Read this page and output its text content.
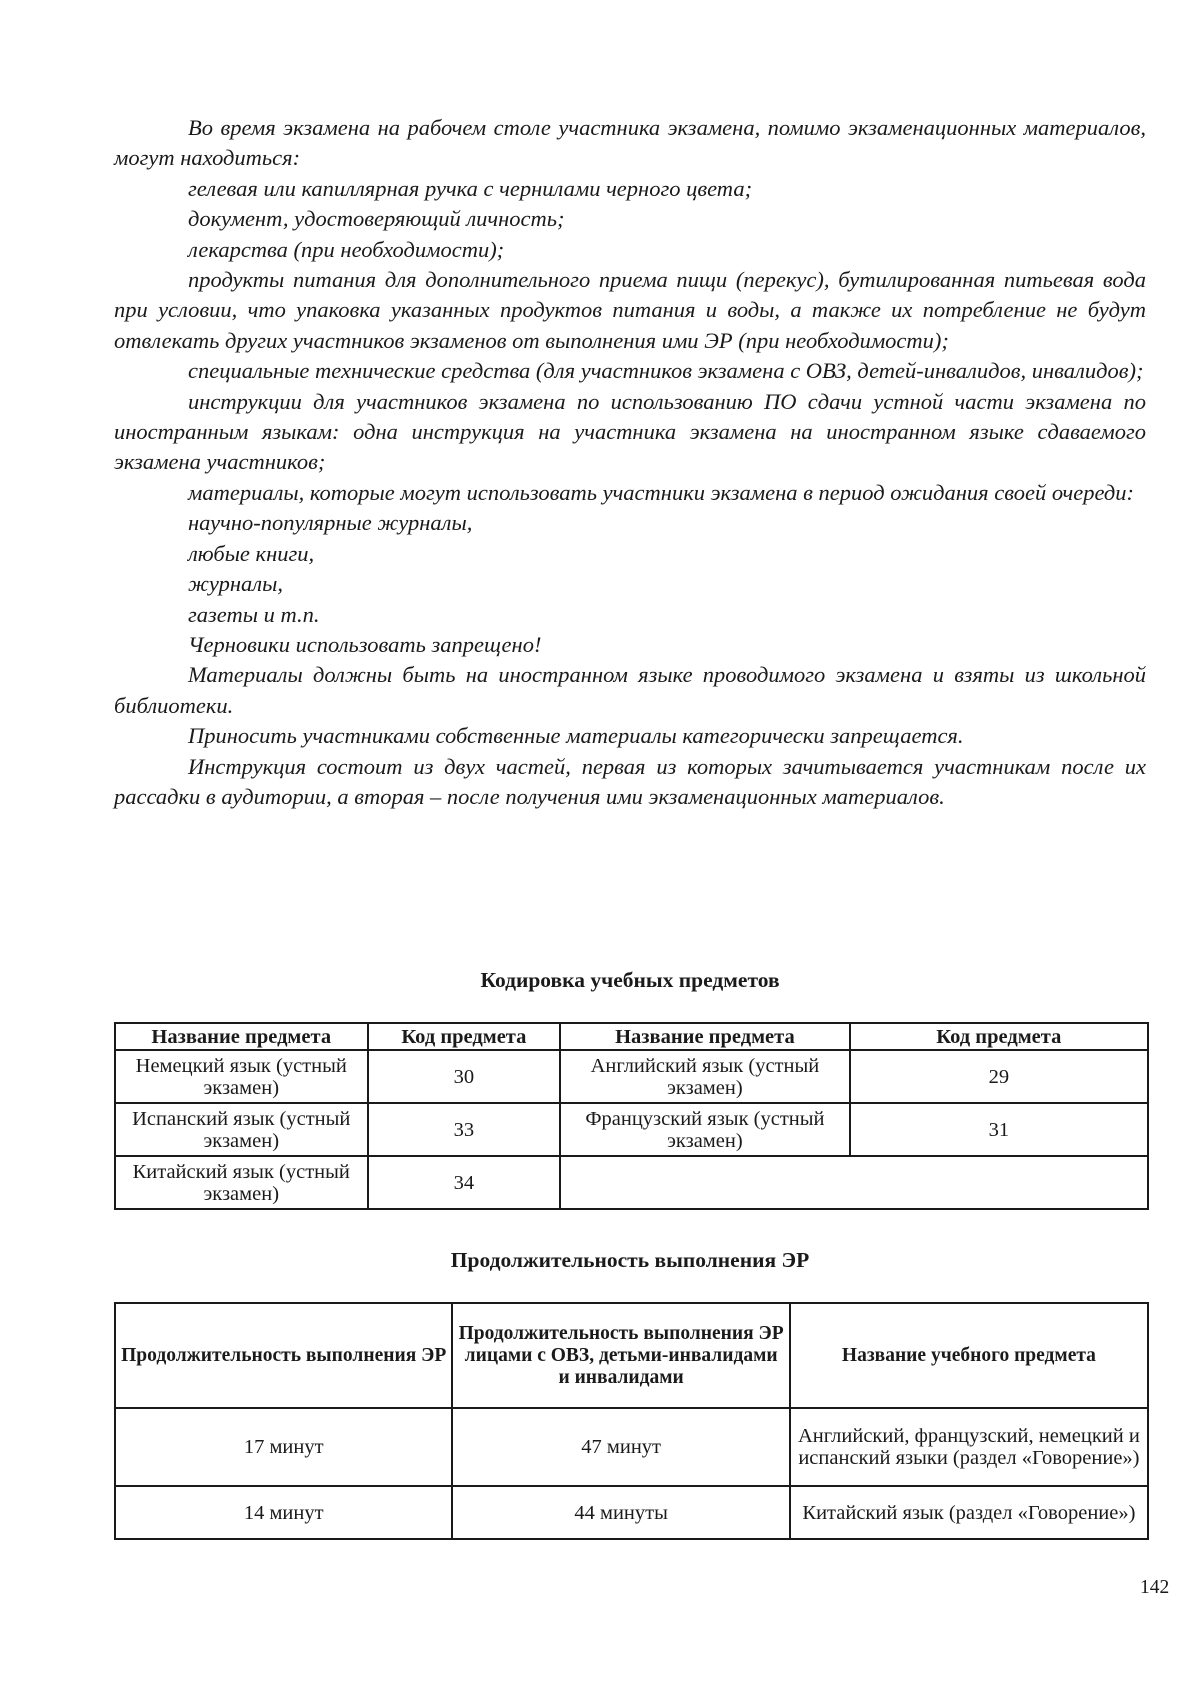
Во время экзамена на рабочем столе участника экзамена, помимо экзаменационных материалов, могут находиться:

гелевая или капиллярная ручка с чернилами черного цвета;

документ, удостоверяющий личность;

лекарства (при необходимости);

продукты питания для дополнительного приема пищи (перекус), бутилированная питьевая вода при условии, что упаковка указанных продуктов питания и воды, а также их потребление не будут отвлекать других участников экзаменов от выполнения ими ЭР (при необходимости);

специальные технические средства (для участников экзамена с ОВЗ, детей-инвалидов, инвалидов);

инструкции для участников экзамена по использованию ПО сдачи устной части экзамена по иностранным языкам: одна инструкция на участника экзамена на иностранном языке сдаваемого экзамена участников;

материалы, которые могут использовать участники экзамена в период ожидания своей очереди:

научно-популярные журналы,

любые книги,

журналы,

газеты и т.п.

Черновики использовать запрещено!

Материалы должны быть на иностранном языке проводимого экзамена и взяты из школьной библиотеки.

Приносить участниками собственные материалы категорически запрещается.

Инструкция состоит из двух частей, первая из которых зачитывается участникам после их рассадки в аудитории, а вторая – после получения ими экзаменационных материалов.

Кодировка учебных предметов
Название предмета	Код предмета	Название предмета	Код предмета
Немецкий язык (устный экзамен)	30	Английский язык (устный экзамен)	29
Испанский язык (устный экзамен)	33	Французский язык (устный экзамен)	31
Китайский язык (устный экзамен)	34		
Продолжительность выполнения ЭР
Продолжительность выполнения ЭР	Продолжительность выполнения ЭР лицами с ОВЗ, детьми-инвалидами и инвалидами	Название учебного предмета
17 минут	47 минут	Английский, французский, немецкий и испанский языки (раздел «Говорение»)
14 минут	44 минуты	Китайский язык (раздел «Говорение»)
142
